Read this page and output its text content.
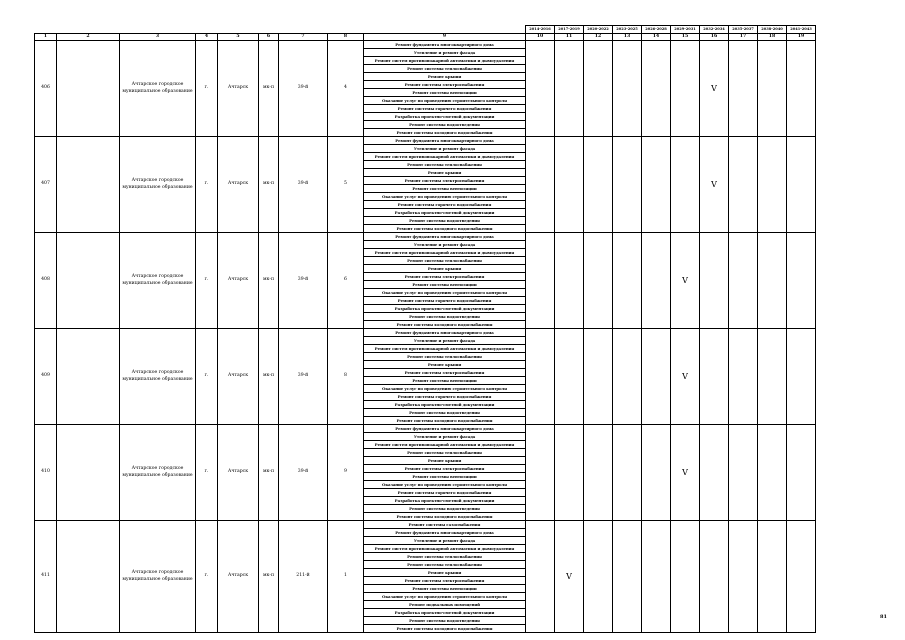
									2014-2016	2017-2019	2020-2022	2023-2025	2026-2028	2029-2031	2032-2034	2035-2037	2038-2040	2041-2043
1	2	3	4	5	6	7	8	9	10	11	12	13	14	15	16	17	18	19
406		Ачтарское городское муниципальное образование	г.	Ачтарск	мк-п	39-й	4	Ремонт фундамента многоквартирного дома							V			
								Утепление и ремонт фасада										
								Ремонт систем противопожарной автоматики и дымоудаления										
								Ремонт системы теплоснабжения										
								Ремонт крыши										
								Ремонт системы электроснабжения										
								Ремонт системы вентиляции										
								Оказание услуг по проведению строительного контроля										
								Ремонт системы горячего водоснабжения										
								Разработка проектно-сметной документации										
								Ремонт системы водоотведения										
								Ремонт системы холодного водоснабжения										
407		Ачтарское городское муниципальное образование	г.	Ачтарск	мк-п	39-й	5	Ремонт фундамента многоквартирного дома							V			
								Утепление и ремонт фасада										
								Ремонт систем противопожарной автоматики и дымоудаления										
								Ремонт системы теплоснабжения										
								Ремонт крыши										
								Ремонт системы электроснабжения										
								Ремонт системы вентиляции										
								Оказание услуг по проведению строительного контроля										
								Ремонт системы горячего водоснабжения										
								Разработка проектно-сметной документации										
								Ремонт системы водоотведения										
								Ремонт системы холодного водоснабжения										
408		Ачтарское городское муниципальное образование	г.	Ачтарск	мк-п	39-й	6	Ремонт фундамента многоквартирного дома						V				
								Утепление и ремонт фасада										
								Ремонт систем противопожарной автоматики и дымоудаления										
								Ремонт системы теплоснабжения										
								Ремонт крыши										
								Ремонт системы электроснабжения										
								Ремонт системы вентиляции										
								Оказание услуг по проведению строительного контроля										
								Ремонт системы горячего водоснабжения										
								Разработка проектно-сметной документации										
								Ремонт системы водоотведения										
								Ремонт системы холодного водоснабжения										
409		Ачтарское городское муниципальное образование	г.	Ачтарск	мк-п	39-й	8	Ремонт фундамента многоквартирного дома						V				
								Утепление и ремонт фасада										
								Ремонт систем противопожарной автоматики и дымоудаления										
								Ремонт системы теплоснабжения										
								Ремонт крыши										
								Ремонт системы электроснабжения										
								Ремонт системы вентиляции										
								Оказание услуг по проведению строительного контроля										
								Ремонт системы горячего водоснабжения										
								Разработка проектно-сметной документации										
								Ремонт системы водоотведения										
								Ремонт системы холодного водоснабжения										
410		Ачтарское городское муниципальное образование	г.	Ачтарск	мк-п	39-й	9	Ремонт фундамента многоквартирного дома						V				
								Утепление и ремонт фасада										
								Ремонт систем противопожарной автоматики и дымоудаления										
								Ремонт системы теплоснабжения										
								Ремонт крыши										
								Ремонт системы электроснабжения										
								Ремонт системы вентиляции										
								Оказание услуг по проведению строительного контроля										
								Ремонт системы горячего водоснабжения										
								Разработка проектно-сметной документации										
								Ремонт системы водоотведения										
								Ремонт системы холодного водоснабжения										
411		Ачтарское городское муниципальное образование	г.	Ачтарск	мк-п	211-й	1	Ремонт системы газоснабжения		V								
								Ремонт фундамента многоквартирного дома										
								Утепление и ремонт фасада										
								Ремонт систем противопожарной автоматики и дымоудаления										
								Ремонт системы теплоснабжения										
								Ремонт системы теплоснабжения										
								Ремонт крыши										
								Ремонт системы электроснабжения										
								Ремонт системы вентиляции										
								Оказание услуг по проведению строительного контроля										
								Ремонт подвальных помещений										
								Разработка проектно-сметной документации										
								Ремонт системы водоотведения										
								Ремонт системы холодного водоснабжения										
81
